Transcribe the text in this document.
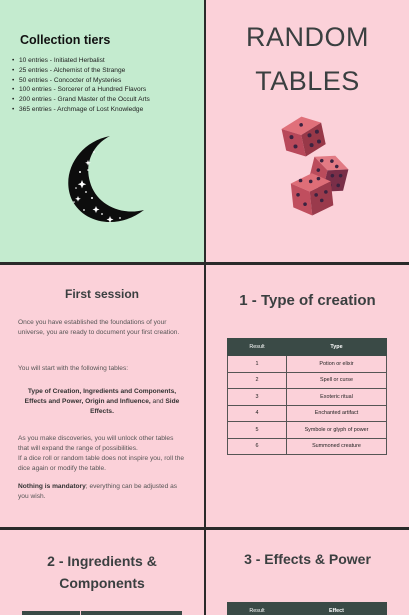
Collection tiers
• 10 entries - Initiated Herbalist
• 25 entries - Alchemist of the Strange
• 50 entries - Concocter of Mysteries
• 100 entries - Sorcerer of a Hundred Flavors
• 200 entries - Grand Master of the Occult Arts
• 365 entries - Archmage of Lost Knowledge
RANDOM
TABLES
First session
Once you have established the foundations of your universe, you are ready to document your first creation.
You will start with the following tables:
Type of Creation, Ingredients and Components, Effects and Power, Origin and Influence, and Side Effects.
As you make discoveries, you will unlock other tables that will expand the range of possibilities.
If a dice roll or random table does not inspire you, roll the dice again or modify the table.
Nothing is mandatory; everything can be adjusted as you wish.
1 - Type of creation
Result	Type
1	Potion or elixir
2	Spell or curse
3	Exoteric ritual
4	Enchanted artifact
5	Symbole or glyph of power
6	Summoned creature
2 - Ingredients &
Components
3 - Effects & Power
Result	Effect
